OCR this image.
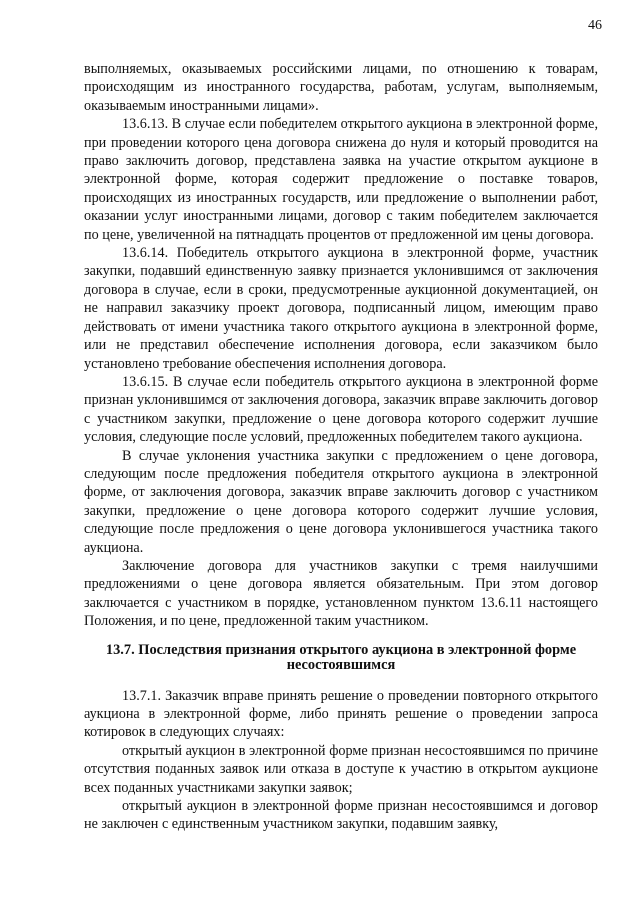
46

выполняемых, оказываемых российскими лицами, по отношению к товарам, происходящим из иностранного государства, работам, услугам, выполняемым, оказываемым иностранными лицами».

13.6.13. В случае если победителем открытого аукциона в электронной форме, при проведении которого цена договора снижена до нуля и который проводится на право заключить договор, представлена заявка на участие открытом аукционе в электронной форме, которая содержит предложение о поставке товаров, происходящих из иностранных государств, или предложение о выполнении работ, оказании услуг иностранными лицами, договор с таким победителем заключается по цене, увеличенной на пятнадцать процентов от предложенной им цены договора.

13.6.14. Победитель открытого аукциона в электронной форме, участник закупки, подавший единственную заявку признается уклонившимся от заключения договора в случае, если в сроки, предусмотренные аукционной документацией, он не направил заказчику проект договора, подписанный лицом, имеющим право действовать от имени участника такого открытого аукциона в электронной форме, или не представил обеспечение исполнения договора, если заказчиком было установлено требование обеспечения исполнения договора.

13.6.15. В случае если победитель открытого аукциона в электронной форме признан уклонившимся от заключения договора, заказчик вправе заключить договор с участником закупки, предложение о цене договора которого содержит лучшие условия, следующие после условий, предложенных победителем такого аукциона.

В случае уклонения участника закупки с предложением о цене договора, следующим после предложения победителя открытого аукциона в электронной форме, от заключения договора, заказчик вправе заключить договор с участником закупки, предложение о цене договора которого содержит лучшие условия, следующие после предложения о цене договора уклонившегося участника такого аукциона.

Заключение договора для участников закупки с тремя наилучшими предложениями о цене договора является обязательным. При этом договор заключается с участником в порядке, установленном пунктом 13.6.11 настоящего Положения, и по цене, предложенной таким участником.

13.7. Последствия признания открытого аукциона в электронной форме
несостоявшимся

13.7.1. Заказчик вправе принять решение о проведении повторного открытого аукциона в электронной форме, либо принять решение о проведении запроса котировок в следующих случаях:

открытый аукцион в электронной форме признан несостоявшимся по причине отсутствия поданных заявок или отказа в доступе к участию в открытом аукционе всех поданных участниками закупки заявок;

открытый аукцион в электронной форме признан несостоявшимся и договор не заключен с единственным участником закупки, подавшим заявку,
